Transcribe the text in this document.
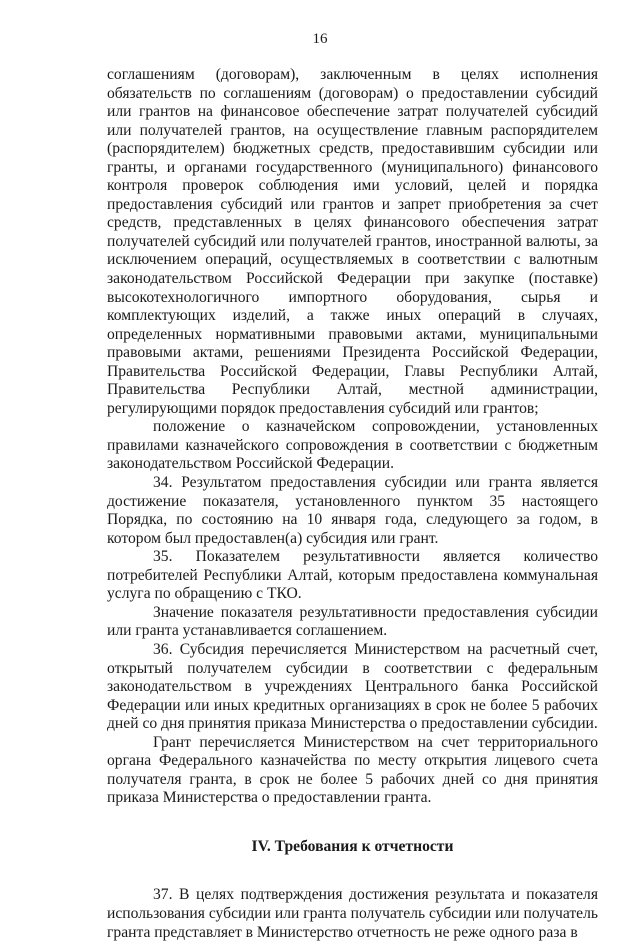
16

соглашениям (договорам), заключенным в целях исполнения обязательств по соглашениям (договорам) о предоставлении субсидий или грантов на финансовое обеспечение затрат получателей субсидий или получателей грантов, на осуществление главным распорядителем (распорядителем) бюджетных средств, предоставившим субсидии или гранты, и органами государственного (муниципального) финансового контроля проверок соблюдения ими условий, целей и порядка предоставления субсидий или грантов и запрет приобретения за счет средств, представленных в целях финансового обеспечения затрат получателей субсидий или получателей грантов, иностранной валюты, за исключением операций, осуществляемых в соответствии с валютным законодательством Российской Федерации при закупке (поставке) высокотехнологичного импортного оборудования, сырья и комплектующих изделий, а также иных операций в случаях, определенных нормативными правовыми актами, муниципальными правовыми актами, решениями Президента Российской Федерации, Правительства Российской Федерации, Главы Республики Алтай, Правительства Республики Алтай, местной администрации, регулирующими порядок предоставления субсидий или грантов;

положение о казначейском сопровождении, установленных правилами казначейского сопровождения в соответствии с бюджетным законодательством Российской Федерации.

34. Результатом предоставления субсидии или гранта является достижение показателя, установленного пунктом 35 настоящего Порядка, по состоянию на 10 января года, следующего за годом, в котором был предоставлен(а) субсидия или грант.

35. Показателем результативности является количество потребителей Республики Алтай, которым предоставлена коммунальная услуга по обращению с ТКО.

Значение показателя результативности предоставления субсидии или гранта устанавливается соглашением.

36. Субсидия перечисляется Министерством на расчетный счет, открытый получателем субсидии в соответствии с федеральным законодательством в учреждениях Центрального банка Российской Федерации или иных кредитных организациях в срок не более 5 рабочих дней со дня принятия приказа Министерства о предоставлении субсидии.

Грант перечисляется Министерством на счет территориального органа Федерального казначейства по месту открытия лицевого счета получателя гранта, в срок не более 5 рабочих дней со дня принятия приказа Министерства о предоставлении гранта.

IV. Требования к отчетности

37. В целях подтверждения достижения результата и показателя использования субсидии или гранта получатель субсидии или получатель гранта представляет в Министерство отчетность не реже одного раза в
